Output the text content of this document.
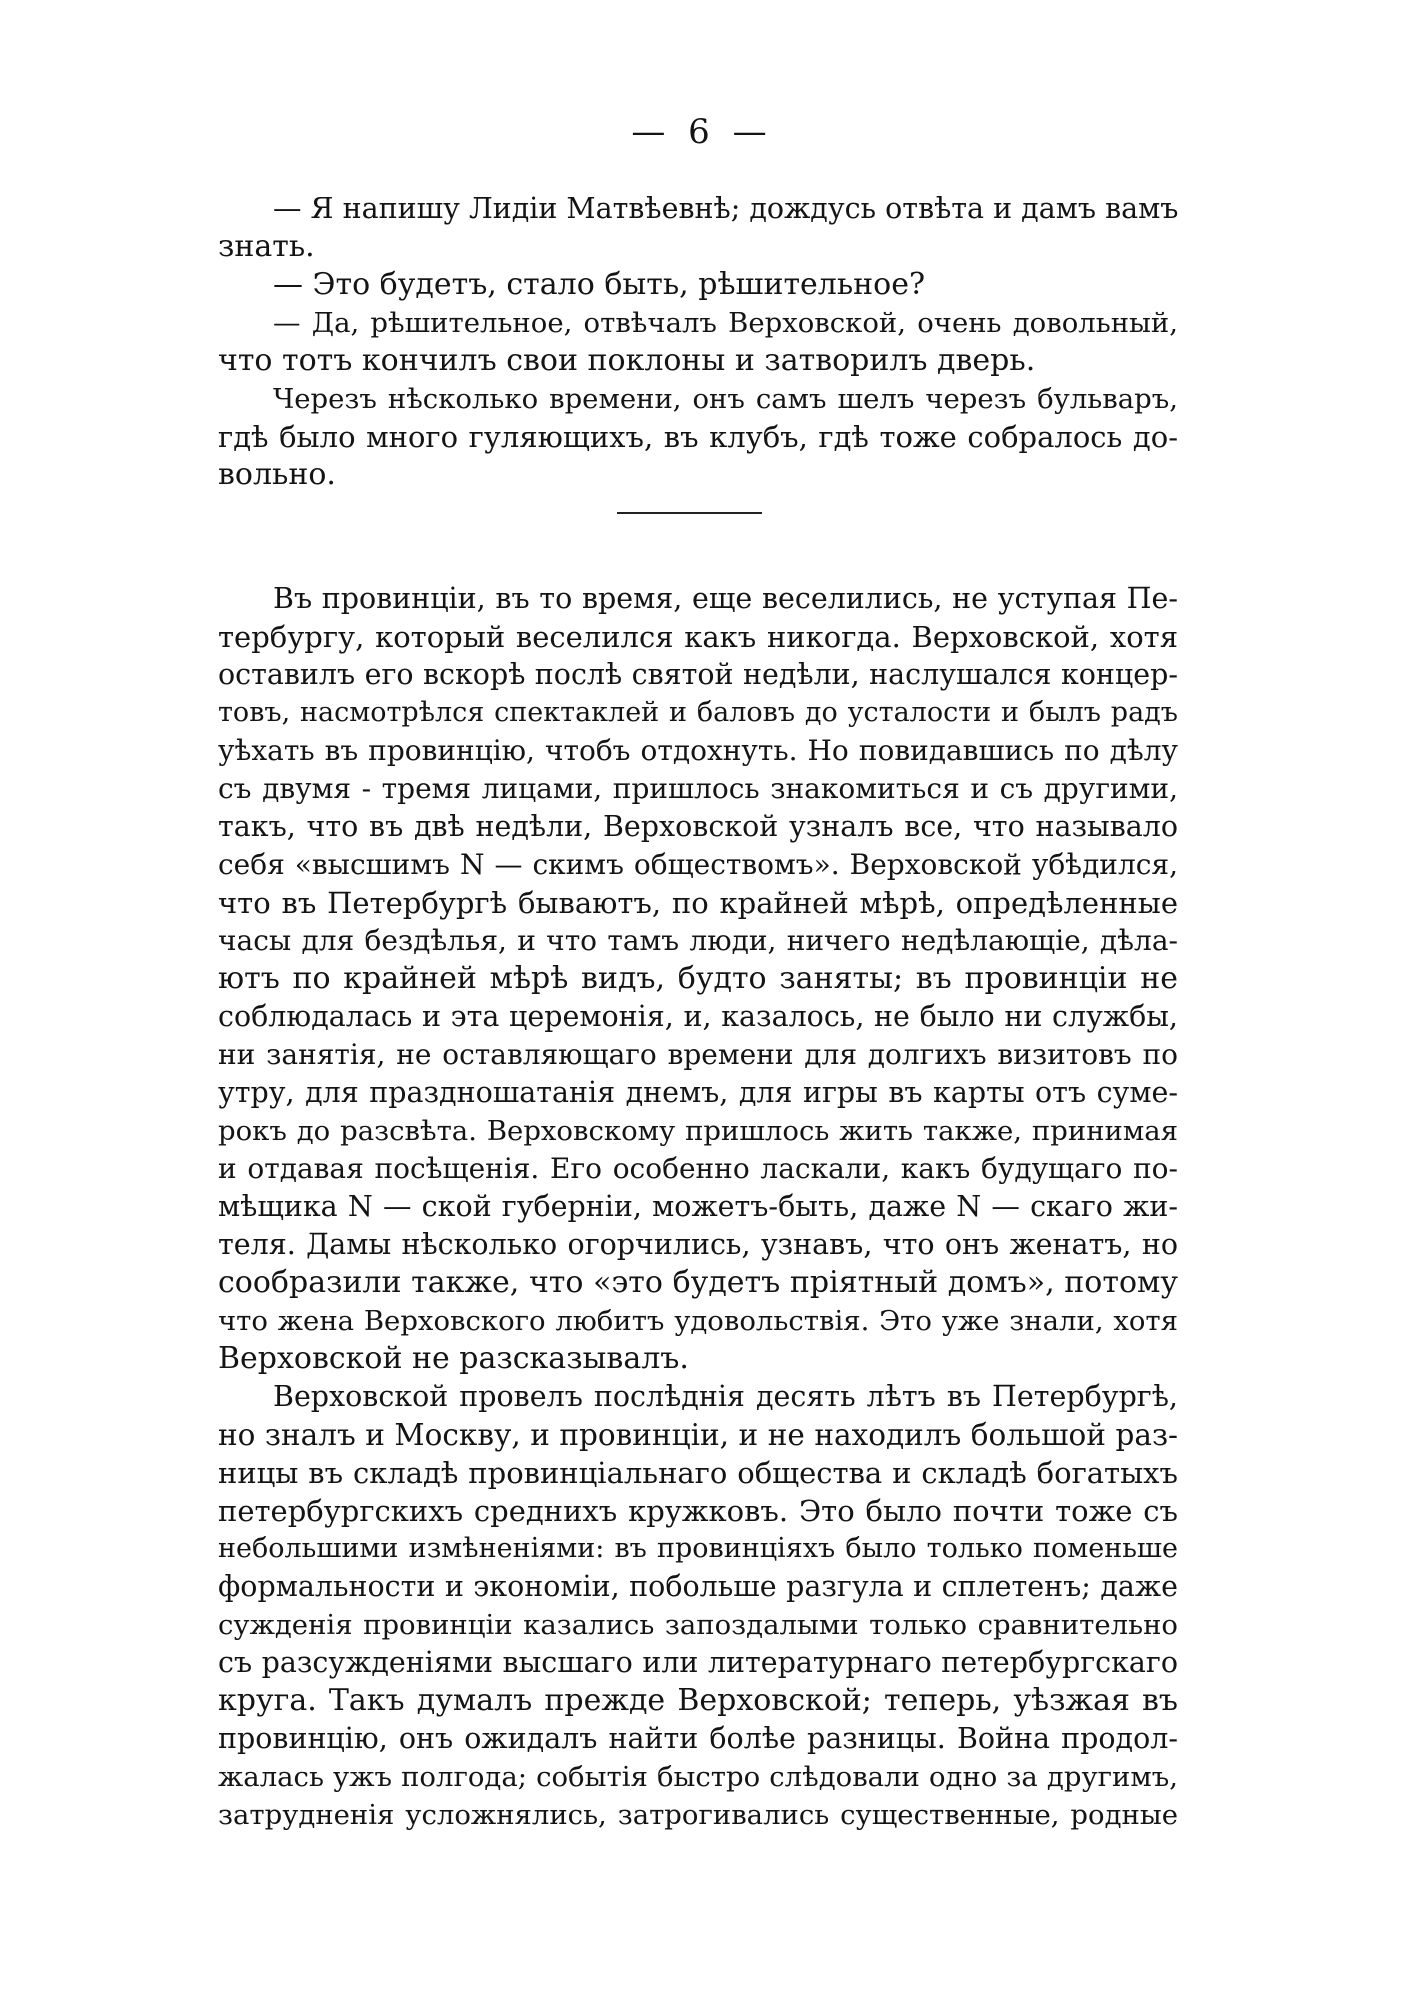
— 6 —
— Я напишу Лидіи Матвѣевнѣ; дождусь отвѣта и дамъ вамъ
знать.
— Это будетъ, стало быть, рѣшительное?
— Да, рѣшительное, отвѣчалъ Верховской, очень довольный,
что тотъ кончилъ свои поклоны и затворилъ дверь.
Черезъ нѣсколько времени, онъ самъ шелъ черезъ бульваръ,
гдѣ было много гуляющихъ, въ клубъ, гдѣ тоже собралось до-
вольно.
Въ провинціи, въ то время, еще веселились, не уступая Пе-
тербургу, который веселился какъ никогда. Верховской, хотя
оставилъ его вскорѣ послѣ святой недѣли, наслушался концер-
товъ, насмотрѣлся спектаклей и баловъ до усталости и былъ радъ
уѣхать въ провинцію, чтобъ отдохнуть. Но повидавшись по дѣлу
съ двумя - тремя лицами, пришлось знакомиться и съ другими,
такъ, что въ двѣ недѣли, Верховской узналъ все, что называло
себя «высшимъ N — скимъ обществомъ». Верховской убѣдился,
что въ Петербургѣ бываютъ, по крайней мѣрѣ, опредѣленные
часы для бездѣлья, и что тамъ люди, ничего недѣлающіе, дѣла-
ютъ по крайней мѣрѣ видъ, будто заняты; въ провинціи не
соблюдалась и эта церемонія, и, казалось, не было ни службы,
ни занятія, не оставляющаго времени для долгихъ визитовъ по
утру, для праздношатанія днемъ, для игры въ карты отъ суме-
рокъ до разсвѣта. Верховскому пришлось жить также, принимая
и отдавая посѣщенія. Его особенно ласкали, какъ будущаго по-
мѣщика N — ской губерніи, можетъ-быть, даже N — скаго жи-
теля. Дамы нѣсколько огорчились, узнавъ, что онъ женатъ, но
сообразили также, что «это будетъ пріятный домъ», потому
что жена Верховского любитъ удовольствія. Это уже знали, хотя
Верховской не разсказывалъ.
Верховской провелъ послѣднія десять лѣтъ въ Петербургѣ,
но зналъ и Москву, и провинціи, и не находилъ большой раз-
ницы въ складѣ провинціальнаго общества и складѣ богатыхъ
петербургскихъ среднихъ кружковъ. Это было почти тоже съ
небольшими измѣненіями: въ провинціяхъ было только поменьше
формальности и экономіи, побольше разгула и сплетенъ; даже
сужденія провинціи казались запоздалыми только сравнительно
съ разсужденіями высшаго или литературнаго петербургскаго
круга. Такъ думалъ прежде Верховской; теперь, уѣзжая въ
провинцію, онъ ожидалъ найти болѣе разницы. Война продол-
жалась ужъ полгода; событія быстро слѣдовали одно за другимъ,
затрудненія усложнялись, затрогивались существенные, родные
